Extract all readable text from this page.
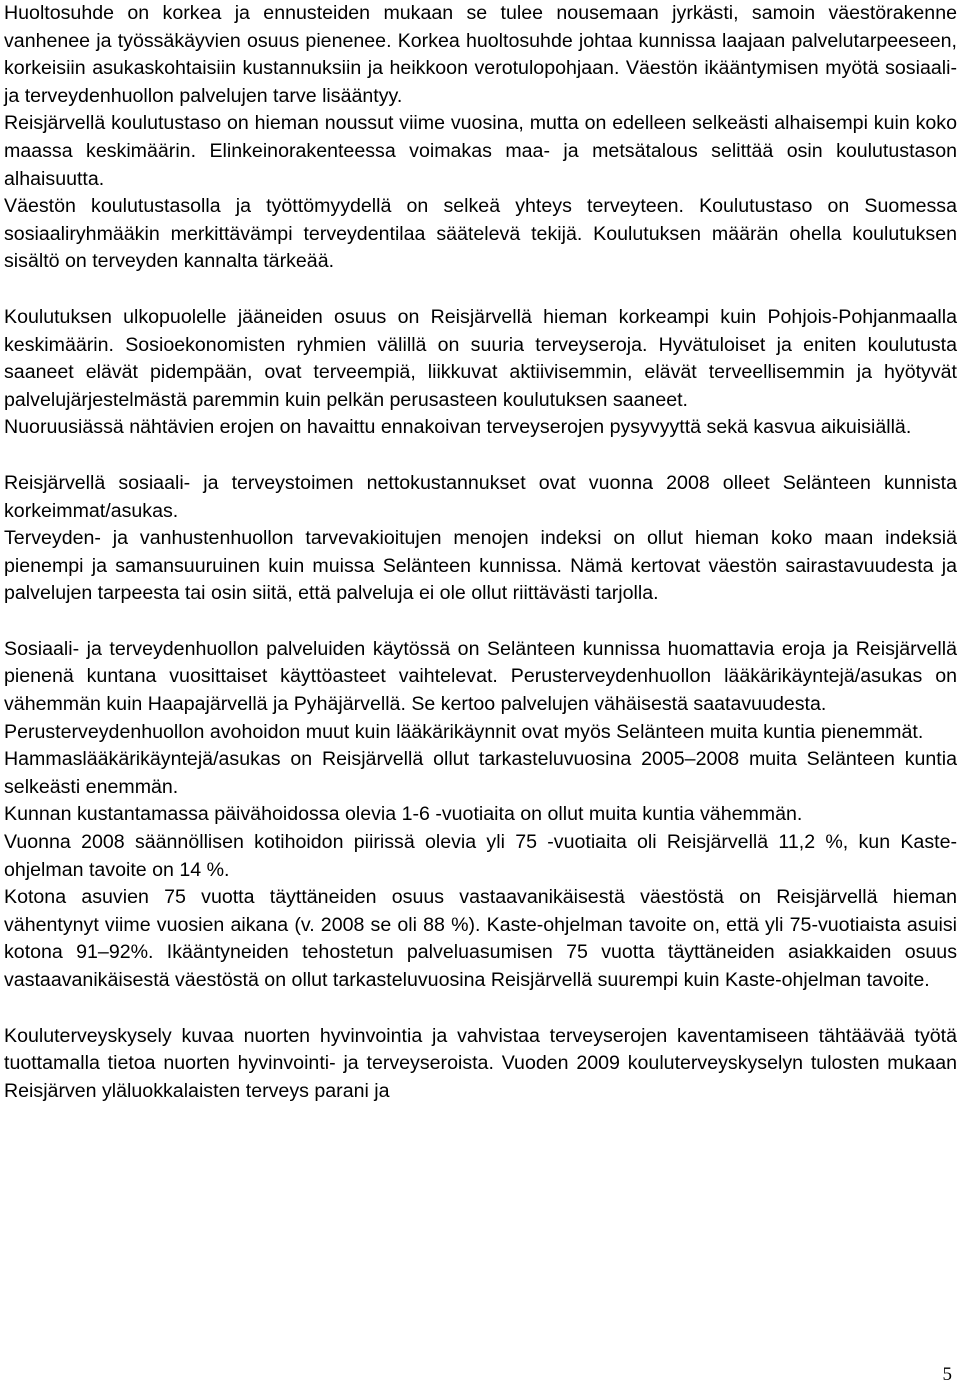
Huoltosuhde on korkea ja ennusteiden mukaan se tulee nousemaan jyrkästi, samoin väestörakenne vanhenee ja työssäkäyvien osuus pienenee. Korkea huoltosuhde johtaa kunnissa laajaan palvelutarpeeseen, korkeisiin asukaskohtaisiin kustannuksiin ja heikkoon verotulopohjaan. Väestön ikääntymisen myötä sosiaali- ja terveydenhuollon palvelujen tarve lisääntyy.

Reisjärvellä koulutustaso on hieman noussut viime vuosina, mutta on edelleen selkeästi alhaisempi kuin koko maassa keskimäärin. Elinkeinorakenteessa voimakas maa- ja metsätalous selittää osin koulutustason alhaisuutta.

Väestön koulutustasolla ja työttömyydellä on selkeä yhteys terveyteen. Koulutustaso on Suomessa sosiaaliryhmääkin merkittävämpi terveydentilaa säätelevä tekijä. Koulutuksen määrän ohella koulutuksen sisältö on terveyden kannalta tärkeää.

Koulutuksen ulkopuolelle jääneiden osuus on Reisjärvellä hieman korkeampi kuin Pohjois-Pohjanmaalla keskimäärin. Sosioekonomisten ryhmien välillä on suuria terveyseroja. Hyvätuloiset ja eniten koulutusta saaneet elävät pidempään, ovat terveempiä, liikkuvat aktiivisemmin, elävät terveellisemmin ja hyötyvät palvelujärjestelmästä paremmin kuin pelkän perusasteen koulutuksen saaneet.

Nuoruusiässä nähtävien erojen on havaittu ennakoivan terveyserojen pysyvyyttä sekä kasvua aikuisiällä.

Reisjärvellä sosiaali- ja terveystoimen nettokustannukset ovat vuonna 2008 olleet Selänteen kunnista korkeimmat/asukas.

Terveyden- ja vanhustenhuollon tarvevakioitujen menojen indeksi on ollut hieman koko maan indeksiä pienempi ja samansuuruinen kuin muissa Selänteen kunnissa. Nämä kertovat väestön sairastavuudesta ja palvelujen tarpeesta tai osin siitä, että palveluja ei ole ollut riittävästi tarjolla.

Sosiaali- ja terveydenhuollon palveluiden käytössä on Selänteen kunnissa huomattavia eroja ja Reisjärvellä pienenä kuntana vuosittaiset käyttöasteet vaihtelevat. Perusterveydenhuollon lääkärikäyntejä/asukas on vähemmän kuin Haapajärvellä ja Pyhäjärvellä. Se kertoo palvelujen vähäisestä saatavuudesta.

Perusterveydenhuollon avohoidon muut kuin lääkärikäynnit ovat myös Selänteen muita kuntia pienemmät.

Hammaslääkärikäyntejä/asukas on Reisjärvellä ollut tarkasteluvuosina 2005–2008 muita Selänteen kuntia selkeästi enemmän.

Kunnan kustantamassa päivähoidossa olevia 1-6 -vuotiaita on ollut muita kuntia vähemmän.

Vuonna 2008 säännöllisen kotihoidon piirissä olevia yli 75 -vuotiaita oli Reisjärvellä 11,2 %, kun Kaste-ohjelman tavoite on 14 %.

Kotona asuvien 75 vuotta täyttäneiden osuus vastaavanikäisestä väestöstä on Reisjärvellä hieman vähentynyt viime vuosien aikana (v. 2008 se oli 88 %). Kaste-ohjelman tavoite on, että yli 75-vuotiaista asuisi kotona 91–92%. Ikääntyneiden tehostetun palveluasumisen 75 vuotta täyttäneiden asiakkaiden osuus vastaavanikäisestä väestöstä on ollut tarkasteluvuosina Reisjärvellä suurempi kuin Kaste-ohjelman tavoite.

Kouluterveyskysely kuvaa nuorten hyvinvointia ja vahvistaa terveyserojen kaventamiseen tähtäävää työtä tuottamalla tietoa nuorten hyvinvointi- ja terveyseroista. Vuoden 2009 kouluterveyskyselyn tulosten mukaan Reisjärven yläluokkalaisten terveys parani ja

5
